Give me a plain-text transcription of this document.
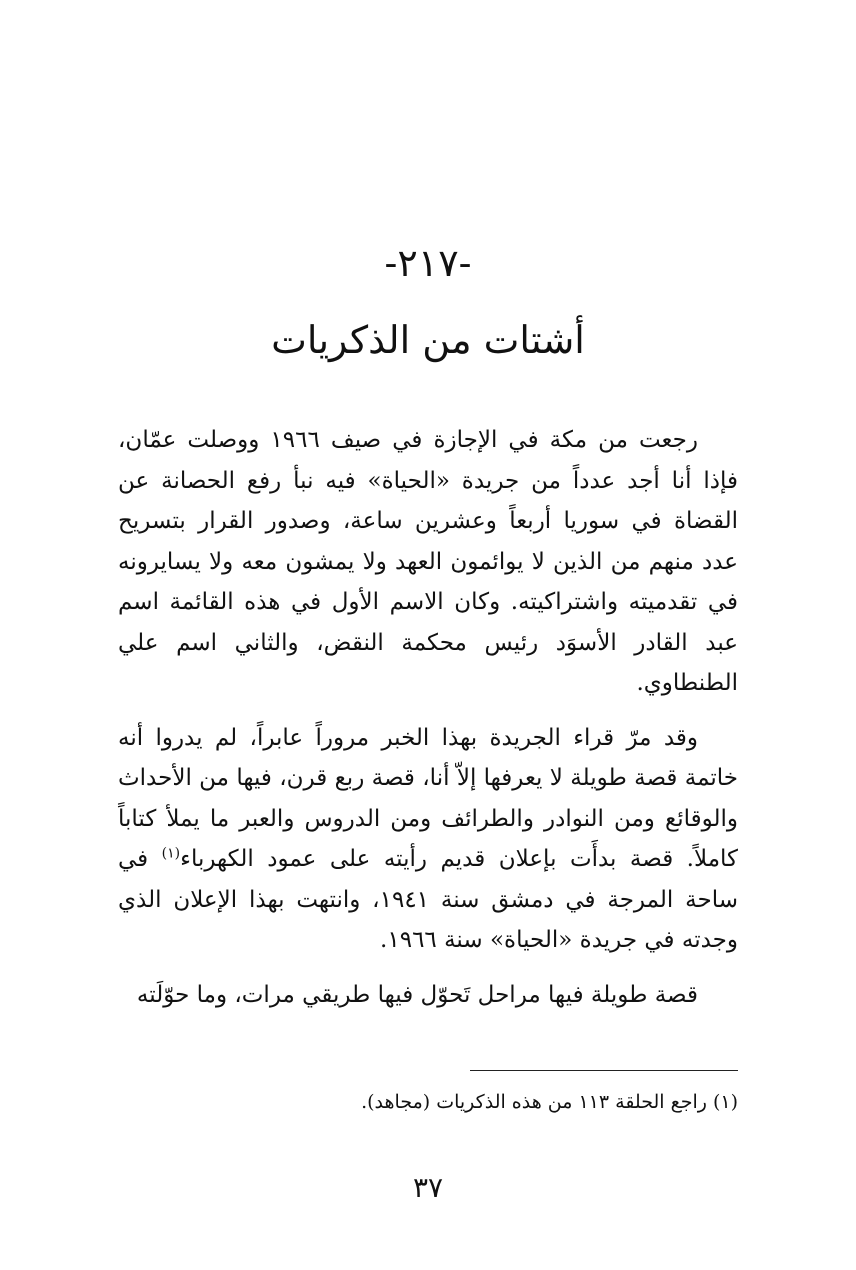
-٢١٧-
أشتات من الذكريات

رجعت من مكة في الإجازة في صيف ١٩٦٦ ووصلت عمّان، فإذا أنا أجد عدداً من جريدة «الحياة» فيه نبأ رفع الحصانة عن القضاة في سوريا أربعاً وعشرين ساعة، وصدور القرار بتسريح عدد منهم من الذين لا يوائمون العهد ولا يمشون معه ولا يسايرونه في تقدميته واشتراكيته. وكان الاسم الأول في هذه القائمة اسم عبد القادر الأسوَد رئيس محكمة النقض، والثاني اسم علي الطنطاوي.

وقد مرّ قراء الجريدة بهذا الخبر مروراً عابراً، لم يدروا أنه خاتمة قصة طويلة لا يعرفها إلاّ أنا، قصة ربع قرن، فيها من الأحداث والوقائع ومن النوادر والطرائف ومن الدروس والعبر ما يملأ كتاباً كاملاً. قصة بدأَت بإعلان قديم رأيته على عمود الكهرباء$^{(١)}$ في ساحة المرجة في دمشق سنة ١٩٤١، وانتهت بهذا الإعلان الذي وجدته في جريدة «الحياة» سنة ١٩٦٦.

قصة طويلة فيها مراحل تَحوّل فيها طريقي مرات، وما حوّلَته

(١) راجع الحلقة ١١٣ من هذه الذكريات (مجاهد).
٣٧
